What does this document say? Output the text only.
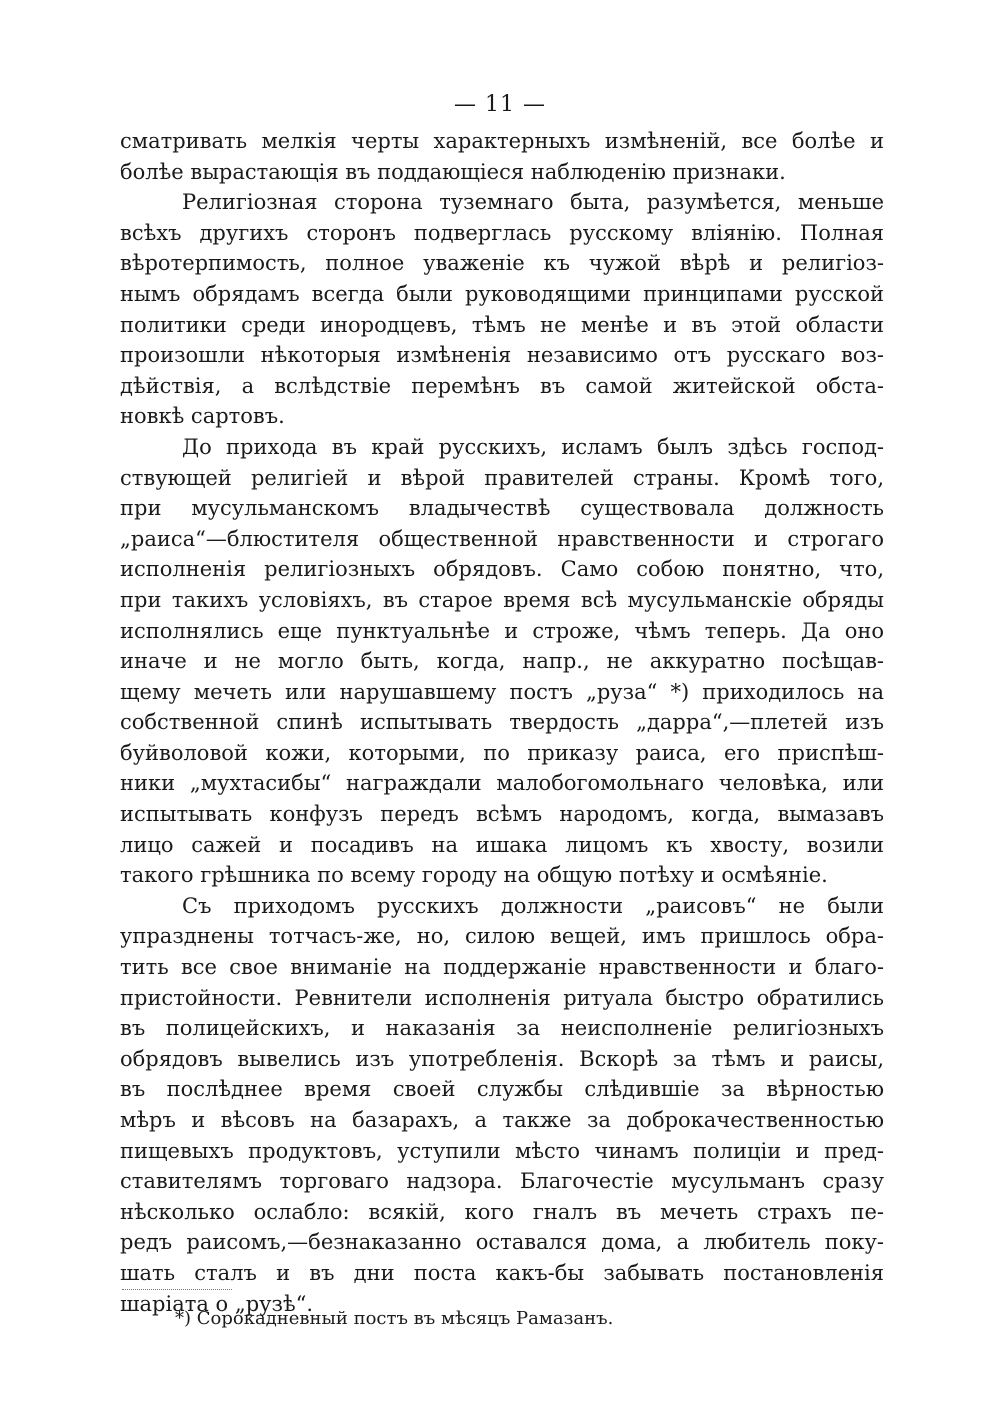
— 11 —
сматривать мелкія черты характерныхъ измѣненій, все болѣе и
болѣе вырастающія въ поддающіеся наблюденію признаки.
Религіозная сторона туземнаго быта, разумѣется, меньше
всѣхъ другихъ сторонъ подверглась русскому вліянію. Полная
вѣротерпимость, полное уваженіе къ чужой вѣрѣ и религіоз-
нымъ обрядамъ всегда были руководящими принципами русской
политики среди инородцевъ, тѣмъ не менѣе и въ этой области
произошли нѣкоторыя измѣненія независимо отъ русскаго воз-
дѣйствія, а вслѣдствіе перемѣнъ въ самой житейской обста-
новкѣ сартовъ.
До прихода въ край русскихъ, исламъ былъ здѣсь господ-
ствующей религіей и вѣрой правителей страны. Кромѣ того,
при мусульманскомъ владычествѣ существовала должность
„раиса“—блюстителя общественной нравственности и строгаго
исполненія религіозныхъ обрядовъ. Само собою понятно, что,
при такихъ условіяхъ, въ старое время всѣ мусульманскіе обряды
исполнялись еще пунктуальнѣе и строже, чѣмъ теперь. Да оно
иначе и не могло быть, когда, напр., не аккуратно посѣщав-
щему мечеть или нарушавшему постъ „руза“ *) приходилось на
собственной спинѣ испытывать твердость „дарра“,—плетей изъ
буйволовой кожи, которыми, по приказу раиса, его приспѣш-
ники „мухтасибы“ награждали малобогомольнаго человѣка, или
испытывать конфузъ передъ всѣмъ народомъ, когда, вымазавъ
лицо сажей и посадивъ на ишака лицомъ къ хвосту, возили
такого грѣшника по всему городу на общую потѣху и осмѣяніе.
Съ приходомъ русскихъ должности „раисовъ“ не были
упразднены тотчасъ-же, но, силою вещей, имъ пришлось обра-
тить все свое вниманіе на поддержаніе нравственности и благо-
пристойности. Ревнители исполненія ритуала быстро обратились
въ полицейскихъ, и наказанія за неисполненіе религіозныхъ
обрядовъ вывелись изъ употребленія. Вскорѣ за тѣмъ и раисы,
въ послѣднее время своей службы слѣдившіе за вѣрностью
мѣръ и вѣсовъ на базарахъ, а также за доброкачественностью
пищевыхъ продуктовъ, уступили мѣсто чинамъ полиціи и пред-
ставителямъ торговаго надзора. Благочестіе мусульманъ сразу
нѣсколько ослабло: всякій, кого гналъ въ мечеть страхъ пе-
редъ раисомъ,—безнаказанно оставался дома, а любитель поку-
шать сталъ и въ дни поста какъ-бы забывать постановленія
шаріата о „рузѣ“.
*) Сорокадневный постъ въ мѣсяцъ Рамазанъ.
